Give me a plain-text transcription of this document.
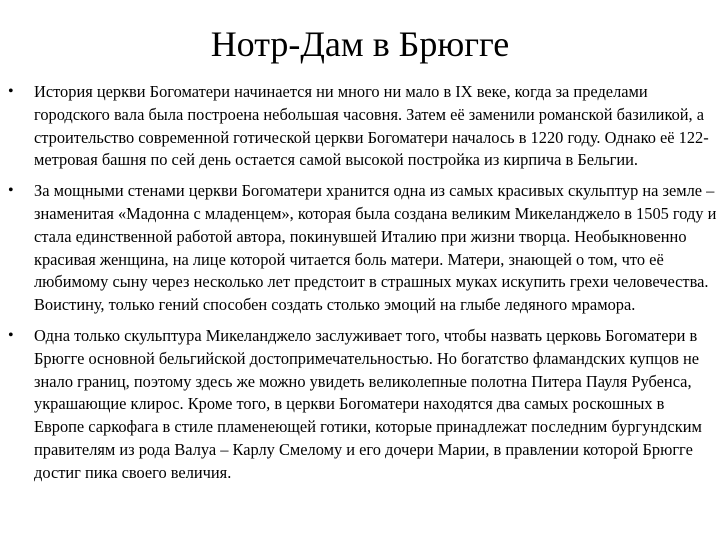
Нотр-Дам в Брюгге
• История церкви Богоматери начинается ни много ни мало в IX веке, когда за пределами городского вала была построена небольшая часовня. Затем её заменили романской базиликой, а строительство современной готической церкви Богоматери началось в 1220 году. Однако её 122-метровая башня по сей день остается самой высокой постройка из кирпича в Бельгии.
• За мощными стенами церкви Богоматери хранится одна из самых красивых скульптур на земле – знаменитая «Мадонна с младенцем», которая была создана великим Микеланджело в 1505 году и стала единственной работой автора, покинувшей Италию при жизни творца. Необыкновенно красивая женщина, на лице которой читается боль матери. Матери, знающей о том, что её любимому сыну через несколько лет предстоит в страшных муках искупить грехи человечества. Воистину, только гений способен создать столько эмоций на глыбе ледяного мрамора.
• Одна только скульптура Микеланджело заслуживает того, чтобы назвать церковь Богоматери в Брюгге основной бельгийской достопримечательностью. Но богатство фламандских купцов не знало границ, поэтому здесь же можно увидеть великолепные полотна Питера Пауля Рубенса, украшающие клирос. Кроме того, в церкви Богоматери находятся два самых роскошных в Европе саркофага в стиле пламенеющей готики, которые принадлежат последним бургундским правителям из рода Валуа – Карлу Смелому и его дочери Марии, в правлении которой Брюгге достиг пика своего величия.
